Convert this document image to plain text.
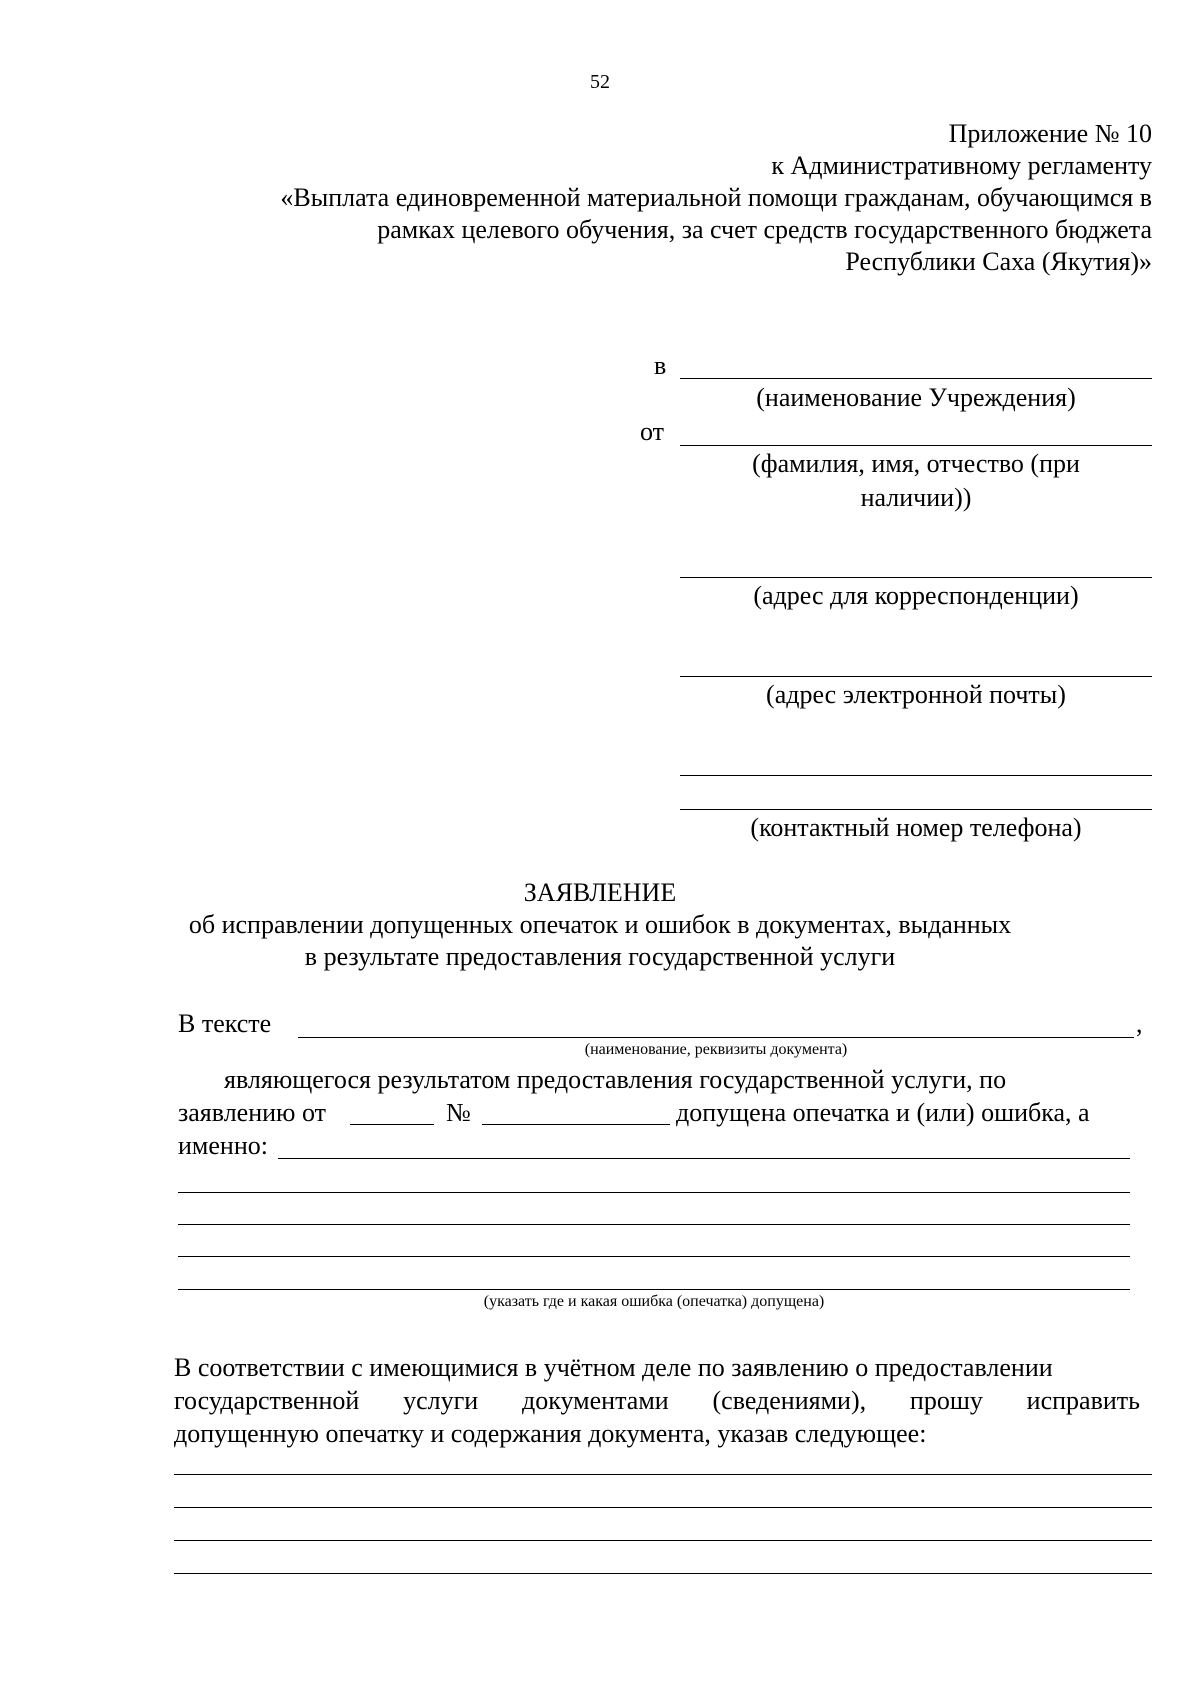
52
Приложение № 10
к Административному регламенту
«Выплата единовременной материальной помощи гражданам, обучающимся в
рамках целевого обучения, за счет средств государственного бюджета
Республики Саха (Якутия)»
в
(наименование Учреждения)
от
(фамилия, имя, отчество (при
наличии))
(адрес для корреспонденции)
(адрес электронной почты)
(контактный номер телефона)
ЗАЯВЛЕНИЕ
об исправлении допущенных опечаток и ошибок в документах, выданных
в результате предоставления государственной услуги
В тексте	,
(наименование, реквизиты документа)
являющегося результатом предоставления государственной услуги, по
заявлению от	№	допущена опечатка и (или) ошибка, а
именно:
(указать где и какая ошибка (опечатка) допущена)
В соответствии с имеющимися в учётном деле по заявлению о предоставлении
государственной услуги документами (сведениями), прошу исправить
допущенную опечатку и содержания документа, указав следующее:
